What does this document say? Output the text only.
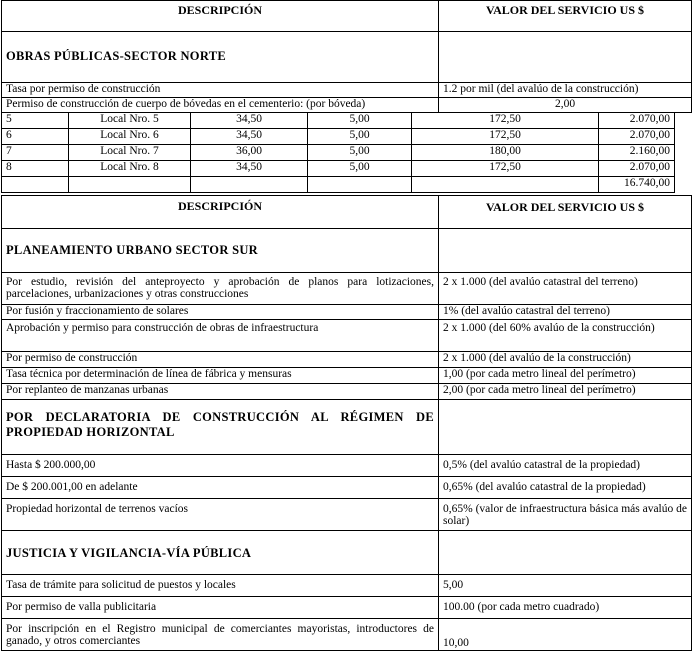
DESCRIPCIÓN	VALOR DEL SERVICIO US $
OBRAS PÚBLICAS-SECTOR NORTE	
Tasa por permiso de construcción	1.2 por mil (del avalúo de la construcción)
Permiso de construcción de cuerpo de bóvedas en el cementerio: (por bóveda)	2,00
5	Local Nro. 5	34,50	5,00	172,50	2.070,00
6	Local Nro. 6	34,50	5,00	172,50	2.070,00
7	Local Nro. 7	36,00	5,00	180,00	2.160,00
8	Local Nro. 8	34,50	5,00	172,50	2.070,00
					16.740,00
DESCRIPCIÓN	VALOR DEL SERVICIO US $
PLANEAMIENTO URBANO SECTOR SUR	
Por estudio, revisión del anteproyecto y aprobación de planos para lotizaciones, parcelaciones, urbanizaciones y otras construcciones	2 x 1.000 (del avalúo catastral del terreno)
Por fusión y fraccionamiento de solares	1% (del avalúo catastral del terreno)
Aprobación y permiso para construcción de obras de infraestructura	2 x 1.000 (del 60% avalúo de la construcción)
Por permiso de construcción	2 x 1.000 (del avalúo de la construcción)
Tasa técnica por determinación de línea de fábrica y mensuras	1,00 (por cada metro lineal del perímetro)
Por replanteo de manzanas urbanas	2,00 (por cada metro lineal del perímetro)
POR DECLARATORIA DE CONSTRUCCIÓN AL RÉGIMEN DE PROPIEDAD HORIZONTAL	
Hasta $ 200.000,00	0,5% (del avalúo catastral de la propiedad)
De $ 200.001,00 en adelante	0,65% (del avalúo catastral de la propiedad)
Propiedad horizontal de terrenos vacíos	0,65% (valor de infraestructura básica más avalúo de solar)
JUSTICIA Y VIGILANCIA-VÍA PÚBLICA	
Tasa de trámite para solicitud de puestos y locales	5,00
Por permiso de valla publicitaria	100.00 (por cada metro cuadrado)
Por inscripción en el Registro municipal de comerciantes mayoristas, introductores de ganado, y otros comerciantes	10,00
